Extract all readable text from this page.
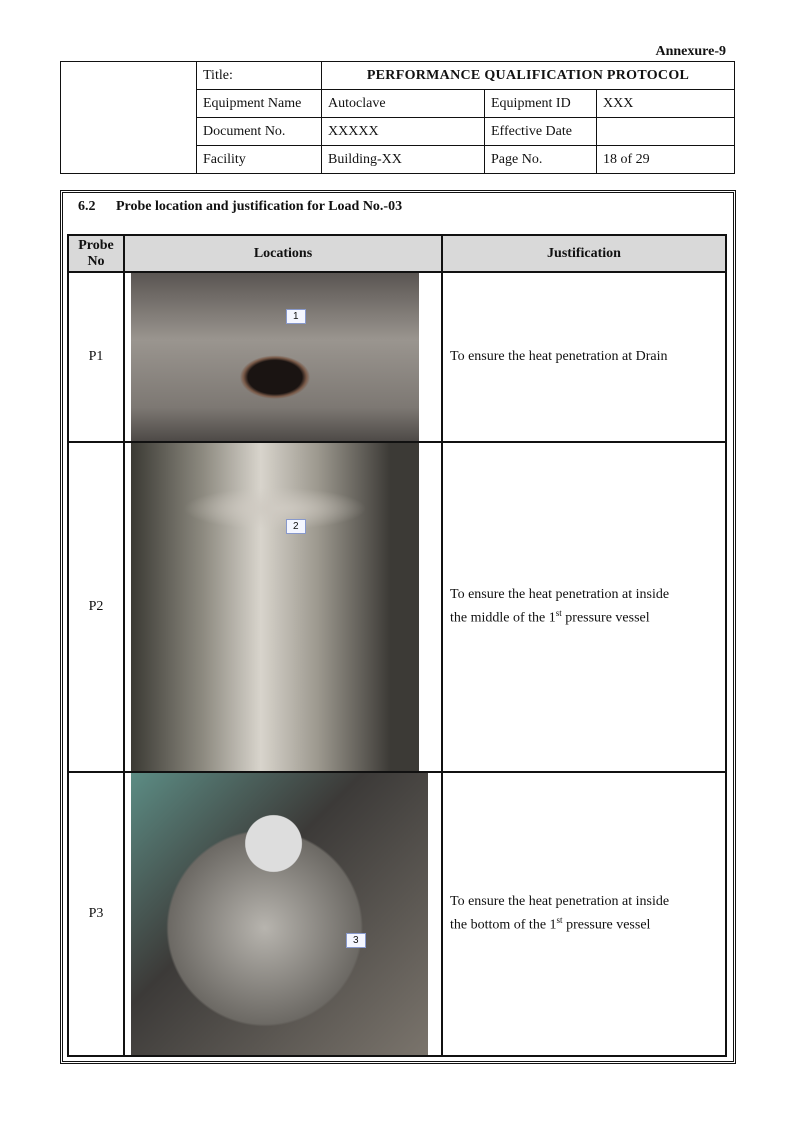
Annexure-9
	Title:	PERFORMANCE QUALIFICATION PROTOCOL		
	Equipment Name	Autoclave	Equipment ID	XXX
	Document No.	XXXXX	Effective Date	
	Facility	Building-XX	Page No.	18 of 29
6.2 Probe location and justification for Load No.-03
Probe
No	Locations	Justification
P1	1	To ensure the heat penetration at Drain
P2	2	To ensure the heat penetration at inside
the middle of the 1st pressure vessel
P3	3	To ensure the heat penetration at inside
the bottom of the 1st pressure vessel
